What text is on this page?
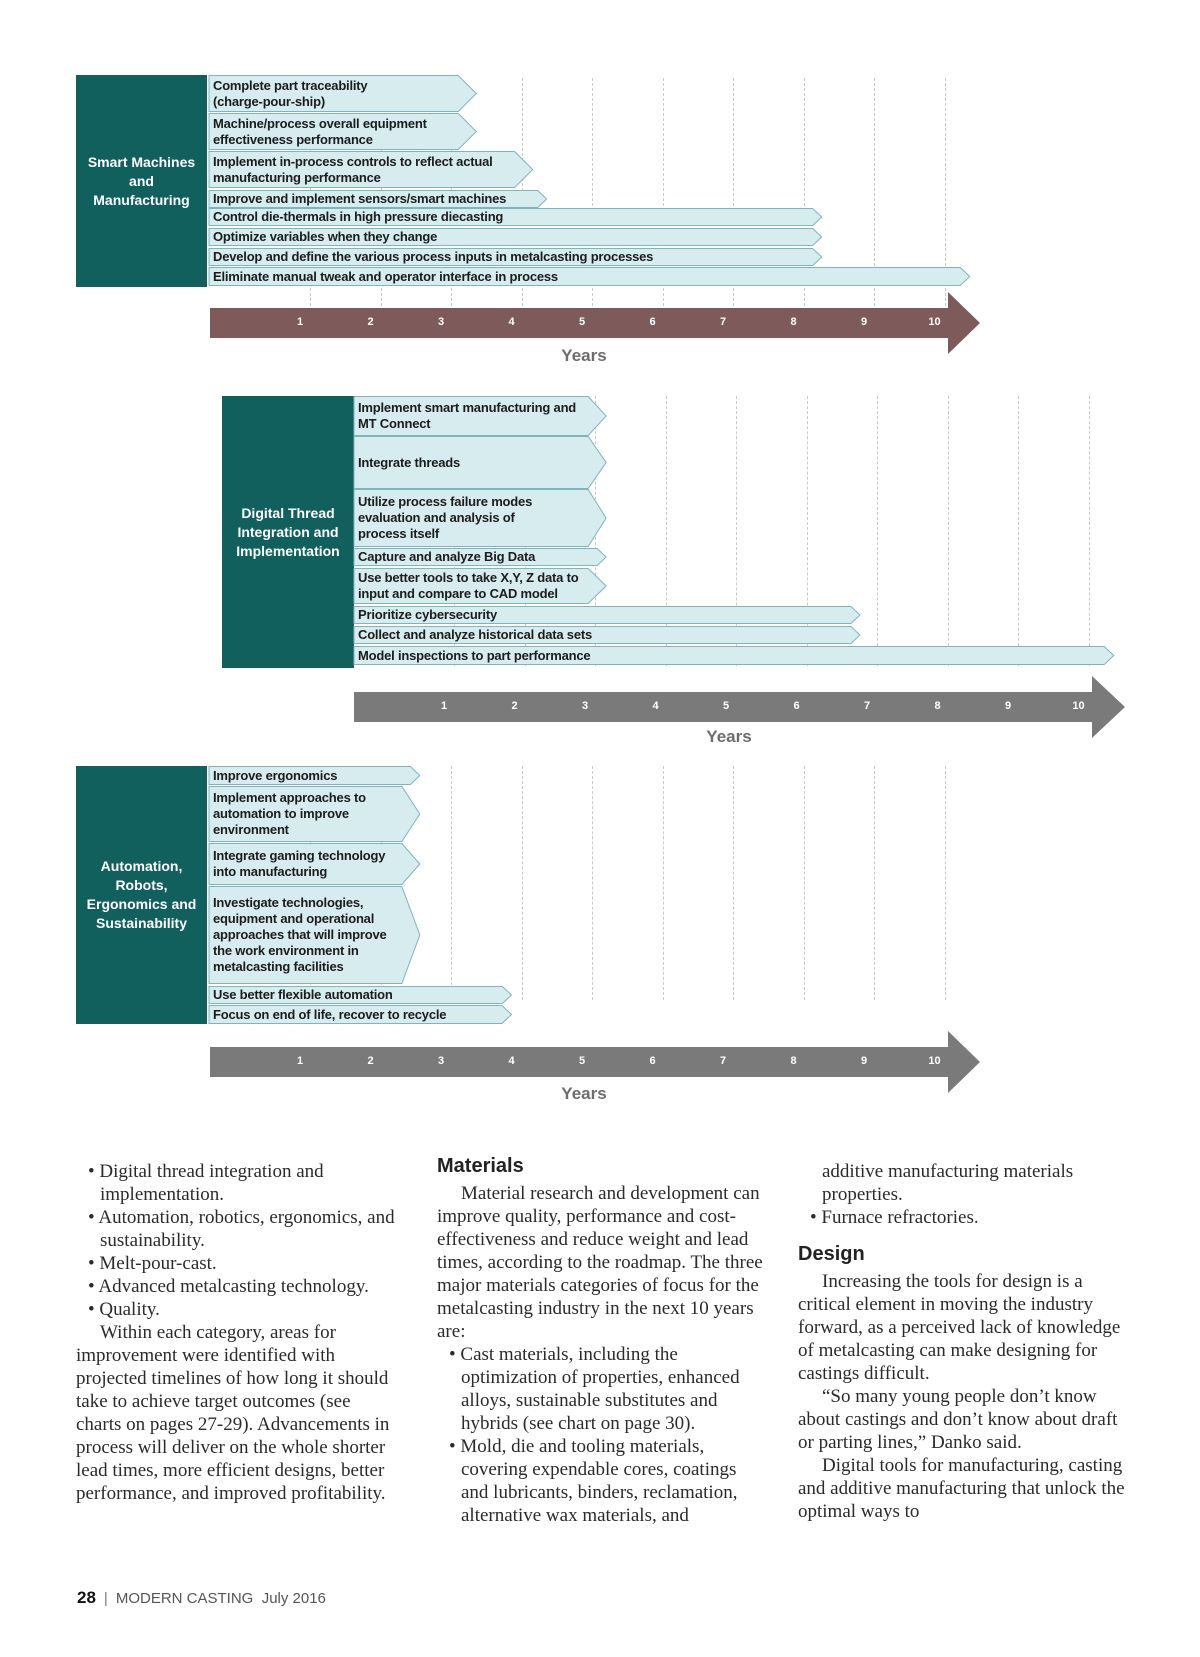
Smart Machines and Manufacturing
Complete part traceability
(charge-pour-ship)
Machine/process overall equipment
effectiveness performance
Implement in-process controls to reflect actual
manufacturing performance
Improve and implement sensors/smart machines
Control die-thermals in high pressure diecasting
Optimize variables when they change
Develop and define the various process inputs in metalcasting processes
Eliminate manual tweak and operator interface in process
1	2	3	4	5	6	7	8	9	10
Years
Digital Thread Integration and Implementation
Implement smart manufacturing and
MT Connect
Integrate threads
Utilize process failure modes
evaluation and analysis of
process itself
Capture and analyze Big Data
Use better tools to take X,Y, Z data to
input and compare to CAD model
Prioritize cybersecurity
Collect and analyze historical data sets
Model inspections to part performance
1	2	3	4	5	6	7	8	9	10
Years
Automation, Robots, Ergonomics and Sustainability
Improve ergonomics
Implement approaches to
automation to improve
environment
Integrate gaming technology
into manufacturing
Investigate technologies,
equipment and operational
approaches that will improve
the work environment in
metalcasting facilities
Use better flexible automation
Focus on end of life, recover to recycle
1	2	3	4	5	6	7	8	9	10
Years

• Digital thread integration and implementation.

• Automation, robotics, ergonomics, and sustainability.

• Melt-pour-cast.

• Advanced metalcasting technology.

• Quality.

Within each category, areas for improvement were identified with projected timelines of how long it should take to achieve target outcomes (see charts on pages 27-29). Advancements in process will deliver on the whole shorter lead times, more efficient designs, better performance, and improved profitability.

Materials

Material research and development can improve quality, performance and cost-effectiveness and reduce weight and lead times, according to the roadmap. The three major materials categories of focus for the metalcasting industry in the next 10 years are:

• Cast materials, including the optimization of properties, enhanced alloys, sustainable substitutes and hybrids (see chart on page 30).

• Mold, die and tooling materials, covering expendable cores, coatings and lubricants, binders, reclamation, alternative wax materials, and

additive manufacturing materials properties.

• Furnace refractories.

Design

Increasing the tools for design is a critical element in moving the industry forward, as a perceived lack of knowledge of metalcasting can make designing for castings difficult.

“So many young people don’t know about castings and don’t know about draft or parting lines,” Danko said.

Digital tools for manufacturing, casting and additive manufacturing that unlock the optimal ways to

28 | MODERN CASTING July 2016
